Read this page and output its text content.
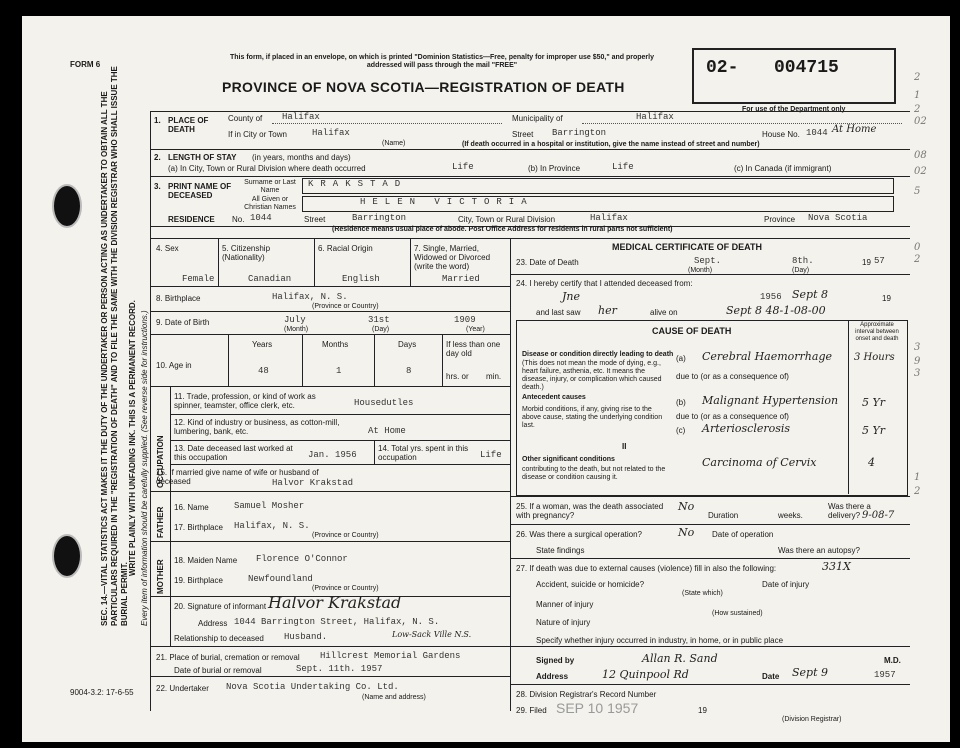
FORM 6
This form, if placed in an envelope, on which is printed "Dominion Statistics—Free, penalty for improper use $50," and properly addressed will pass through the mail "FREE"
PROVINCE OF NOVA SCOTIA—REGISTRATION OF DEATH
02- 004715
For use of the Department only
SEC. 14.—VITAL STATISTICS ACT MAKES IT THE DUTY OF THE UNDERTAKER OR PERSON ACTING AS UNDERTAKER TO OBTAIN ALL THE PARTICULARS REQUIRED IN THE "REGISTRATION OF DEATH" AND TO FILE THE SAME WITH THE DIVISION REGISTRAR WHO SHALL ISSUE THE BURIAL PERMIT.
WRITE PLAINLY WITH UNFADING INK. THIS IS A PERMANENT RECORD. Every item of information should be carefully supplied. (See reverse side for instructions.)
1. PLACE OF DEATH
County of Halifax	Municipality of	Halifax
If in City or Town	Halifax
(Name)
Street Barrington	House No. 1044 At Home
(If death occurred in a hospital or institution, give the name instead of street and number)
2. LENGTH OF STAY (in years, months and days)
(a) In City, Town or Rural Division where death occurred	Life	(b) In Province	Life	(c) In Canada (if immigrant)
3. PRINT NAME OF DECEASED
Surname or Last Name
All Given or Christian Names
KRAKSTAD
HELEN VICTORIA
RESIDENCE No. 1044	Street	Barrington	City, Town or Rural Division	Halifax	Province Nova Scotia
(Residence means usual place of abode. Post Office Address for residents in rural parts not sufficient)
4. Sex
Female
5. Citizenship (Nationality)
Canadian
6. Racial Origin
English
7. Single, Married, Widowed or Divorced (write the word)
Married
8. Birthplace	Halifax, N. S.
(Province or Country)
9. Date of Birth	July
(Month)
31st
(Day)
1909
(Year)
10. Age in
Years
48
Months
1
Days
8
If less than one day old
hrs. or min.
OCCUPATION
11. Trade, profession, or kind of work as spinner, teamster, office clerk, etc.	Housedutles
12. Kind of industry or business, as cotton-mill, lumbering, bank, etc.	At Home
13. Date deceased last worked at this occupation	Jan. 1956
14. Total yrs. spent in this occupation	Life
15. If married give name of wife or husband of deceased	Halvor Krakstad
FATHER 16. Name	Samuel Mosher
17. Birthplace Halifax, N. S.
(Province or Country)
MOTHER 18. Maiden Name Florence O'Connor
19. Birthplace	Newfoundland
(Province or Country)
20. Signature of informant Halvor Krakstad
Address 1044 Barrington Street, Halifax, N. S.
Relationship to deceased Husband.	Low-Sack Ville N.S.
21. Place of burial, cremation or removal Hillcrest Memorial Gardens
Date of burial or removal	Sept. 11th. 1957
22. Undertaker Nova Scotia Undertaking Co. Ltd.
(Name and address)
9004-3.2: 17-6-55
MEDICAL CERTIFICATE OF DEATH
23. Date of Death	Sept.
(Month)
8th.
(Day)
19 57
24. I hereby certify that I attended deceased from:
Jne	1956 Sept 8	19
and last saw her	alive on	Sept 8 48-1-08-00
CAUSE OF DEATH
Approximate interval between onset and death
Disease or condition directly leading to death
(This does not mean the mode of dying, e.g., heart failure, asthenia, etc. It means the disease, injury, or complication which caused death.)
(a) Cerebral Haemorrhage 3 Hours
due to (or as a consequence of)
Antecedent causes
Morbid conditions, if any, giving rise to the above cause, stating the underlying condition last.
(b) Malignant Hypertension 5 Yr
due to (or as a consequence of)
(c) Arteriosclerosis	5 Yr
II
Other significant conditions
contributing to the death, but not related to the disease or condition causing it.
Carcinoma of Cervix	4
25. If a woman, was the death associated with pregnancy?
No
Duration	weeks.
Was there a delivery? 9-08-7
26. Was there a surgical operation?	No Date of operation
State findings	Was there an autopsy?
27. If death was due to external causes (violence) fill in also the following:	331X
Accident, suicide or homicide?
(State which)
Date of injury
Manner of injury
(How sustained)
Nature of injury
Specify whether injury occurred in industry, in home, or in public place
Signed by	Allan R. Sand	M.D.
Address	12 Quinpool Rd	Date Sept 9	1957
28. Division Registrar's Record Number
29. Filed SEP 10 1957	19
(Division Registrar)
2
1
2
02
08
02
5
0
2
3
9
3
1
2
